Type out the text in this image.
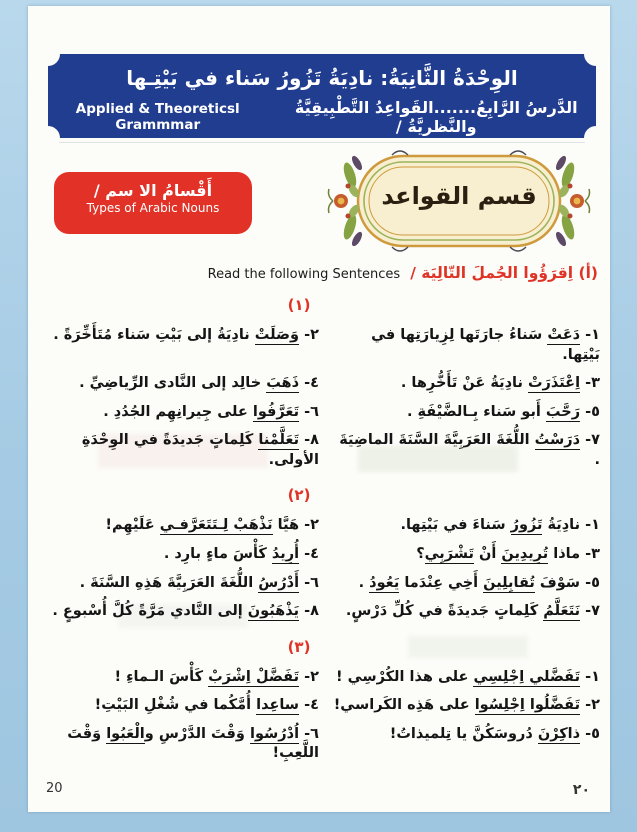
الوِحْدَةُ الثَّانِيَةُ: نادِيَةُ تَزُورُ سَناء في بَيْتِـها
الدَّرسُ الرَّابِعُ.......القَواعِدُ التَّطْبِيقِيَّةُ والنَّظريَّةُ /
Applied & Theoreticsl Grammmar
أَقْسامُ الا سم /
Types of Arabic Nouns	قسم القواعد
(أ) اِقرَؤُوا الجُملَ التّالِيَة /
Read the following Sentences
(١)
١- دَعَتْ سَناءُ جارَتَها لِزِيارَتِها في بَيْتِها.
٢- وَصَلَتْ نادِيَةُ إلى بَيْتِ سَناء مُتَأَخِّرَةً .
٣- اِعْتَذَرَتْ نادِيَةُ عَنْ تَأَخُّرِها .
٤- ذَهَبَ خالِد إلى النَّادى الرِّياضِيِّ .
٥- رَحَّبَ أَبو سَناء بِـالضَّيْفَةِ .
٦- تَعَرَّفُوا على جِيرانِهِم الجُدُدِ .
٧- دَرَسْتُ اللُّغَةَ العَرَبِيَّةَ السَّنَةَ الماضِيَةَ .
٨- تَعَلَّمْنا كَلِماتٍ جَديدَةً في الوِحْدَةِ الأولى.
(٢)
١- نادِيَةُ تَزُورُ سَناءَ في بَيْتِها.
٢- هَيَّا نَذْهَبْ لِـتَتَعَرَّفـي عَلَيْهِم!
٣- ماذا تُرِيدِينَ أَنْ تَشْرَبِي؟
٤- أُرِيدُ كَأْسَ ماءٍ بارِد .
٥- سَوْفَ تُقابِلِينَ أَخِي عِنْدَما يَعُودُ .
٦- أَدْرُسُ اللُّغَةَ العَرَبِيَّةَ هَذِهِ السَّنَةَ .
٧- نَتَعَلَّمُ كَلِماتٍ جَديدَةً في كُلِّ دَرْسٍ.
٨- يَذْهَبُونَ إلى النَّادي مَرَّةً كُلَّ أُسْبوعٍ .
(٣)
١- تَفَضَّلي اِجْلِسِي على هذا الكُرْسِي !
٢- تَفَضَّلْ اِشْرَبْ كَأْسَ الـماءِ !
٢- تَفَضَّلُوا اِجْلِسُوا على هَذِه الكَراسي!
٤- ساعِدا أُمَّكُما في شُغْلِ البَيْتِ!
٥- ذاكِرْنَ دُروسَكُنَّ يا تِلميذاتُ!
٦- اُدْرُسُوا وَقْتَ الدَّرْسِ والْعَبُوا وَقْتَ اللَّعِبِ!
20	٢٠
